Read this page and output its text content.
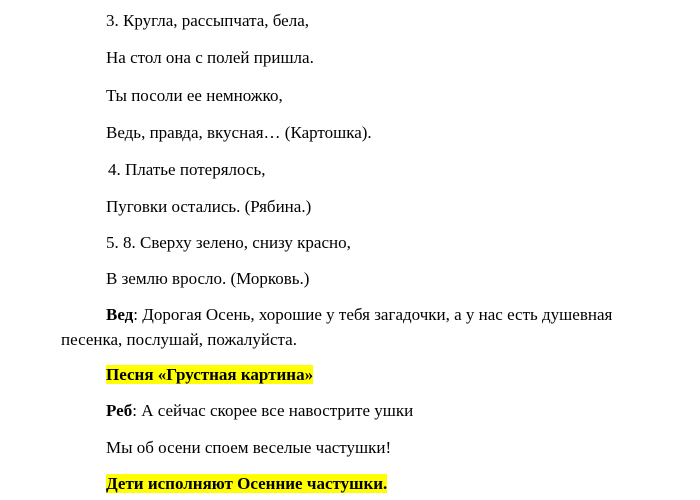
3. Кругла, рассыпчата, бела,
На стол она с полей пришла.
Ты посоли ее немножко,
Ведь, правда, вкусная… (Картошка).
4. Платье потерялось,
Пуговки остались. (Рябина.)
5. 8. Сверху зелено, снизу красно,
В землю вросло. (Морковь.)
Вед: Дорогая Осень, хорошие у тебя загадочки, а у нас есть душевная
песенка, послушай, пожалуйста.
Песня «Грустная картина»
Реб: А сейчас скорее все навострите ушки
Мы об осени споем веселые частушки!
Дети исполняют Осенние частушки.
